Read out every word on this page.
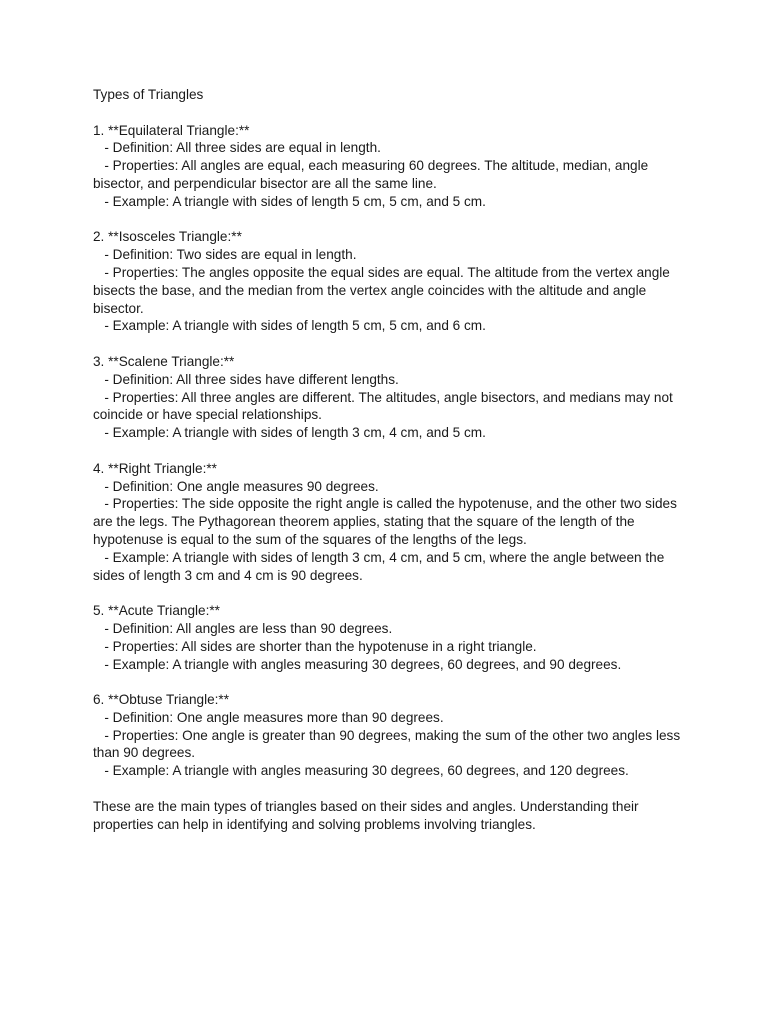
Types of Triangles
1. **Equilateral Triangle:**
- Definition: All three sides are equal in length.
- Properties: All angles are equal, each measuring 60 degrees. The altitude, median, angle bisector, and perpendicular bisector are all the same line.
- Example: A triangle with sides of length 5 cm, 5 cm, and 5 cm.
2. **Isosceles Triangle:**
- Definition: Two sides are equal in length.
- Properties: The angles opposite the equal sides are equal. The altitude from the vertex angle bisects the base, and the median from the vertex angle coincides with the altitude and angle bisector.
- Example: A triangle with sides of length 5 cm, 5 cm, and 6 cm.
3. **Scalene Triangle:**
- Definition: All three sides have different lengths.
- Properties: All three angles are different. The altitudes, angle bisectors, and medians may not coincide or have special relationships.
- Example: A triangle with sides of length 3 cm, 4 cm, and 5 cm.
4. **Right Triangle:**
- Definition: One angle measures 90 degrees.
- Properties: The side opposite the right angle is called the hypotenuse, and the other two sides are the legs. The Pythagorean theorem applies, stating that the square of the length of the hypotenuse is equal to the sum of the squares of the lengths of the legs.
- Example: A triangle with sides of length 3 cm, 4 cm, and 5 cm, where the angle between the sides of length 3 cm and 4 cm is 90 degrees.
5. **Acute Triangle:**
- Definition: All angles are less than 90 degrees.
- Properties: All sides are shorter than the hypotenuse in a right triangle.
- Example: A triangle with angles measuring 30 degrees, 60 degrees, and 90 degrees.
6. **Obtuse Triangle:**
- Definition: One angle measures more than 90 degrees.
- Properties: One angle is greater than 90 degrees, making the sum of the other two angles less than 90 degrees.
- Example: A triangle with angles measuring 30 degrees, 60 degrees, and 120 degrees.

These are the main types of triangles based on their sides and angles. Understanding their properties can help in identifying and solving problems involving triangles.
